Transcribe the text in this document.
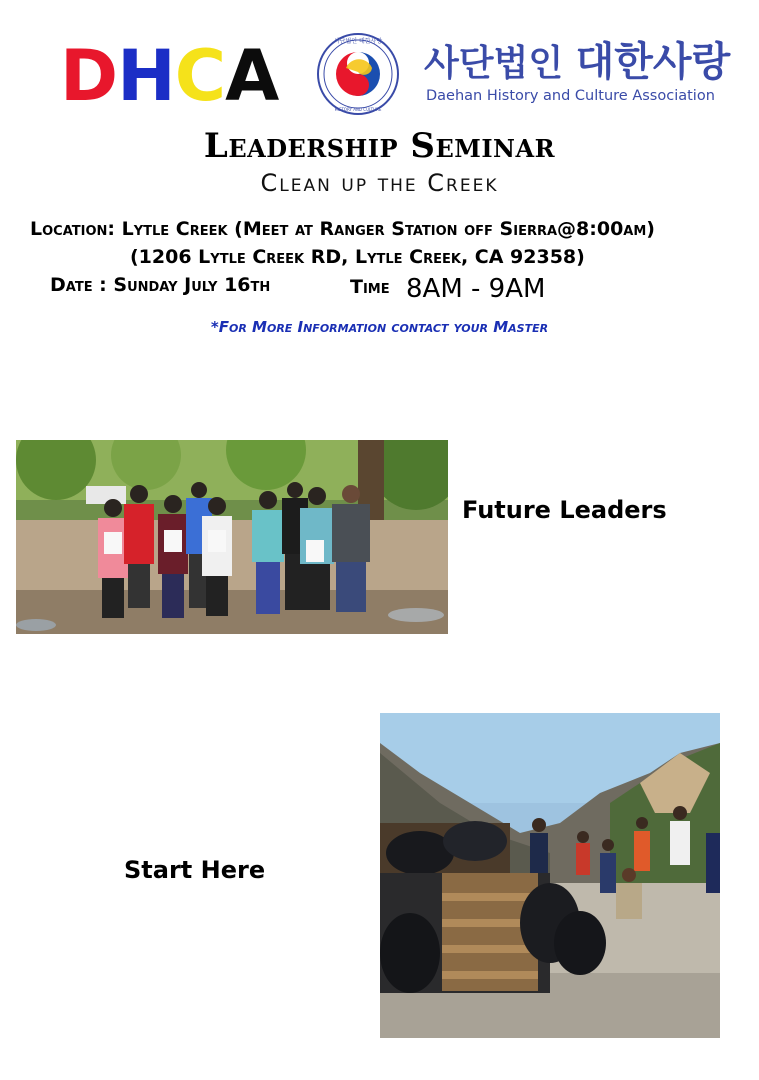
DHCA	사단법인 대한사랑
HISTORY AND CULTURE
사단법인 대한사랑
Daehan History and Culture Association
Leadership Seminar
Clean up the Creek
Location: Lytle Creek (Meet at Ranger Station off Sierra@8:00am)
(1206 Lytle Creek RD, Lytle Creek, CA 92358)
Date : Sunday July 16th	Time 8AM - 9AM
*For More Information contact your Master
Future Leaders
Start Here
